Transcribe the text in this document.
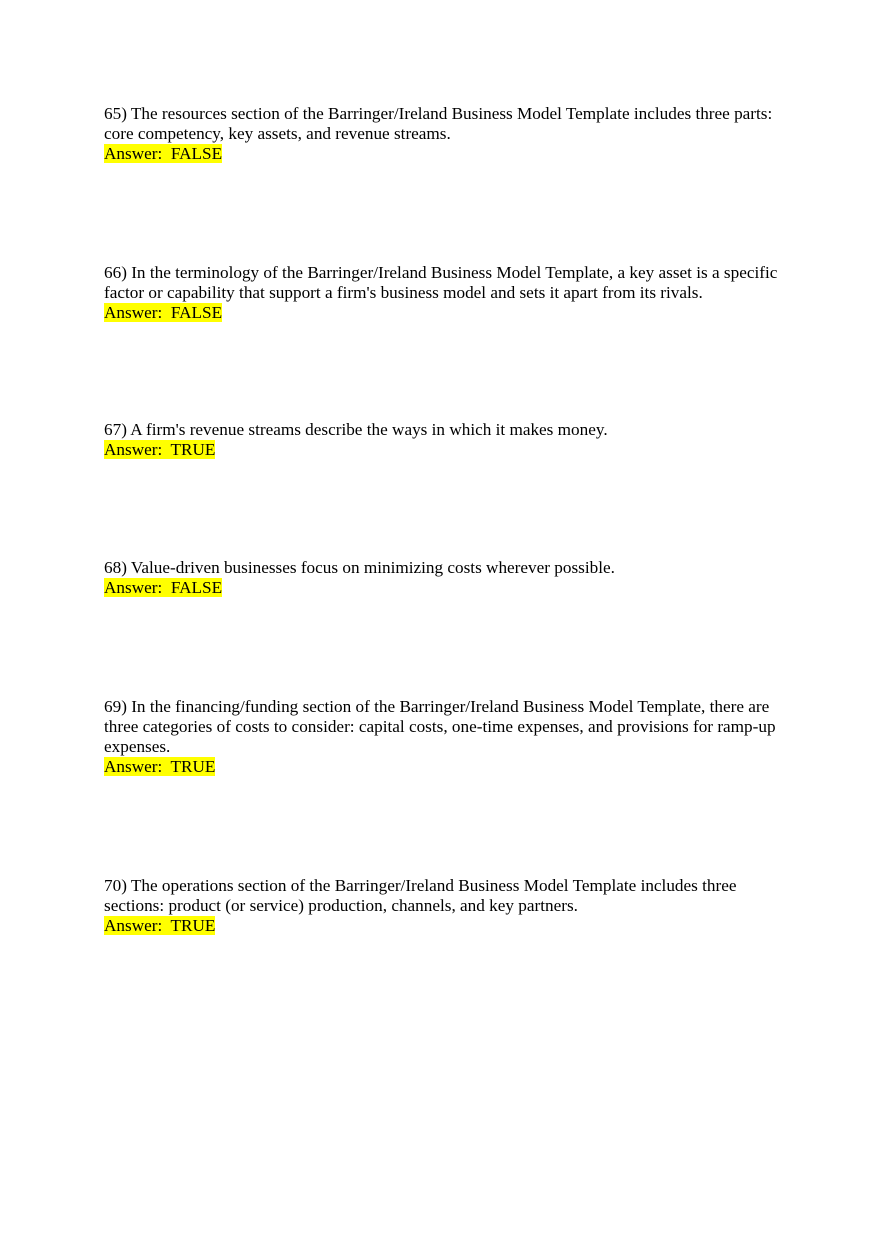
65) The resources section of the Barringer/Ireland Business Model Template includes three parts: core competency, key assets, and revenue streams.

Answer:  FALSE

66) In the terminology of the Barringer/Ireland Business Model Template, a key asset is a specific factor or capability that support a firm's business model and sets it apart from its rivals.

Answer:  FALSE

67) A firm's revenue streams describe the ways in which it makes money.

Answer:  TRUE

68) Value-driven businesses focus on minimizing costs wherever possible.

Answer:  FALSE

69) In the financing/funding section of the Barringer/Ireland Business Model Template, there are three categories of costs to consider: capital costs, one-time expenses, and provisions for ramp-up expenses.

Answer:  TRUE

70) The operations section of the Barringer/Ireland Business Model Template includes three sections: product (or service) production, channels, and key partners.

Answer:  TRUE
